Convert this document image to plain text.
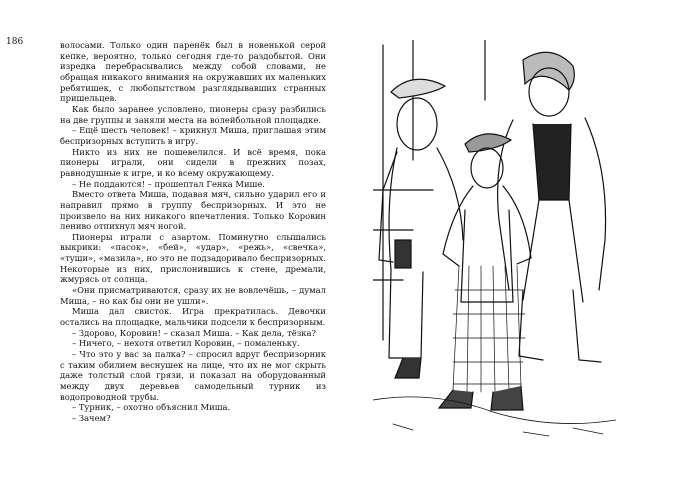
186	волосами. Только один паренёк был в новенькой серой кепке, вероятно, только сегодня где-то раздобытой. Они изредка перебрасывались между собой словами, не обращая никакого внимания на окружавших их маленьких ребятишек, с любопытством разглядывавших странных пришельцев.

Как было заранее условлено, пионеры сразу разбились на две группы и заняли места на волейбольной площадке.

– Ещё шесть человек! – крикнул Миша, приглашая этим беспризорных вступить в игру.

Никто из них не пошевелился. И всё время, пока пионеры играли, они сидели в прежних позах, равнодушные к игре, и ко всему окружающему.

– Не поддаются! – прошептал Генка Мише.

Вместо ответа Миша, подавая мяч, сильно ударил его и направил прямо в группу беспризорных. И это не произвело на них никакого впечатления. Только Коровин лениво отпихнул мяч ногой.

Пионеры играли с азартом. Поминутно слышались выкрики: «пасок», «бей», «удар», «режь», «свечка», «туши», «мазила», но это не подзадоривало беспризорных. Некоторые из них, прислонившись к стене, дремали, жмурясь от солнца.

«Они присматриваются, сразу их не вовлечёшь, – думал Миша, – но как бы они не ушли».

Миша дал свисток. Игра прекратилась. Девочки остались на площадке, мальчики подсели к беспризорным.

– Здорово, Коровин! – сказал Миша. – Как дела, тёзка?

– Ничего, – нехотя ответил Коровин, – помаленьку.

– Что это у вас за палка? – спросил вдруг беспризорник с таким обилием веснушек на лице, что их не мог скрыть даже толстый слой грязи, и показал на оборудованный между двух деревьев самодельный турник из водопроводной трубы.

– Турник, – охотно объяснил Миша.

– Зачем?
